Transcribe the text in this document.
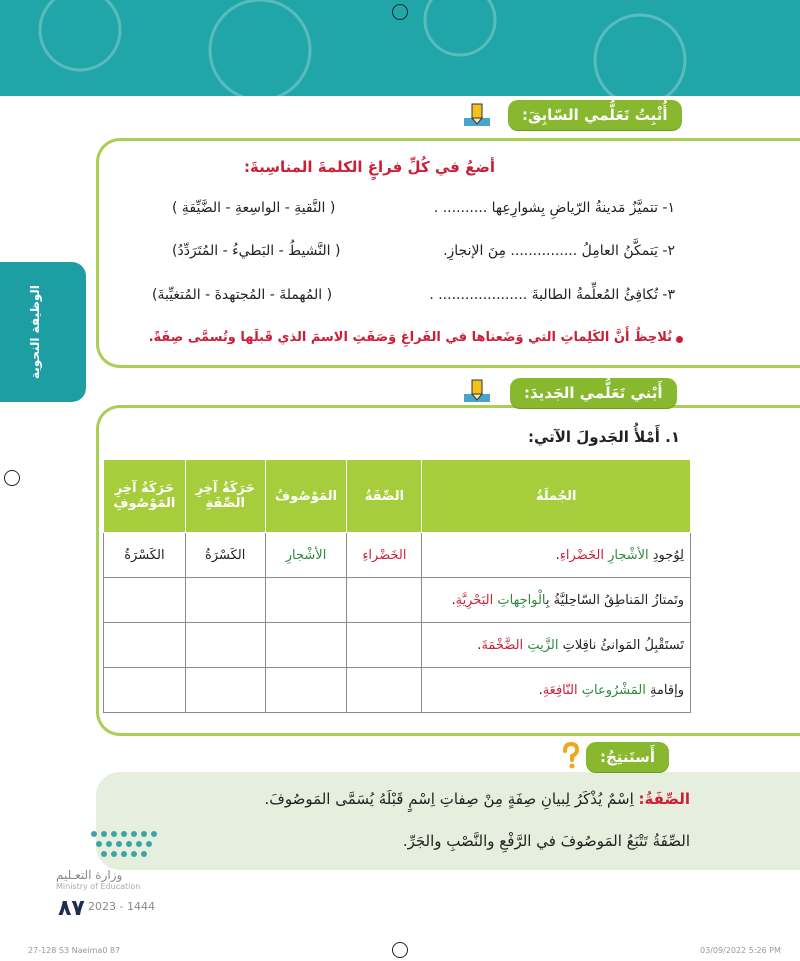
الوظيفة النحوية
أُثْبِتُ تَعَلُّمي السّابِقَ:
أضعُ في كُلِّ فراغٍ الكلمةَ المناسِبةَ:
١- تتميَّزُ مَدينةُ الرّياضِ بِشوارِعِها .......... .
( النَّقيةِ - الواسِعةِ - الضَّيِّقةِ )
٢- يَتمكَّنُ العامِلُ ............... مِنَ الإنجازِ.
( النَّشيطُ - البَطيءُ - المُتَرَدِّدُ)
٣- تُكافِئُ المُعلِّمةُ الطالبةَ .................... .
( المُهملةَ - المُجتهدةَ - المُتغيِّبةَ)
نُلاحِظُ أَنَّ الكَلِماتِ التي وَضَعناها في الفَراغِ وَصَفَتِ الاسمَ الذي قَبلَها وتُسمَّى صِفَةً.
أَبْني تَعَلُّمي الجَديدَ:
١. أَمْلأُ الجَدولَ الآتي:
الجُملَةُ	الصِّفَةُ	المَوْصُوفُ	حَرَكَةُ آخِرِ الصِّفَةِ	حَرَكَةُ آخِرِ المَوْصُوفِ
لِوُجودِ الأشْجارِ الخَضْراءِ.	الخَضْراءِ	الأشْجارِ	الكَسْرَةُ	الكَسْرَةُ
وتَمتازُ المَناطِقُ السّاحِليَّةُ بِالْواجِهاتِ البَحْرِيَّةِ.				
تَستَقْبِلُ المَوانئُ ناقِلاتِ الزَّيتِ الضَّخْمَةَ.				
وإقامةِ المَشْرُوعاتِ النّافِعَةِ.				
أَستَنتِجُ:
الصِّفَةُ: اِسْمٌ يُذْكَرُ لِبيانِ صِفَةٍ مِنْ صِفاتِ اِسْمٍ قَبْلَهُ يُسَمَّى المَوصُوفَ.
الصِّفَةُ تَتْبَعُ المَوصُوفَ في الرَّفْعِ والنَّصْبِ والجَرِّ.
وزارة التعـليم
Ministry of Education
2023 - 1444
٨٧
27-128 S3 Naeima0 87	03/09/2022 5:26 PM
